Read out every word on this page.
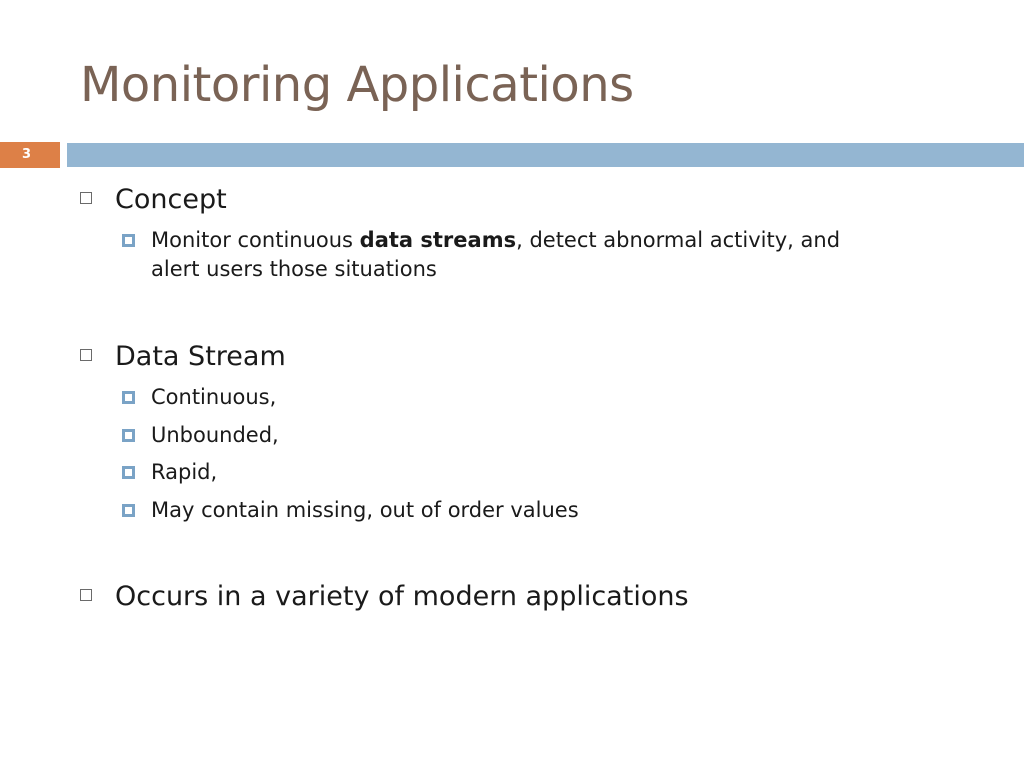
Monitoring Applications
3
Concept
Monitor continuous data streams, detect abnormal activity, and
alert users those situations
Data Stream
Continuous,
Unbounded,
Rapid,
May contain missing, out of order values
Occurs in a variety of modern applications
